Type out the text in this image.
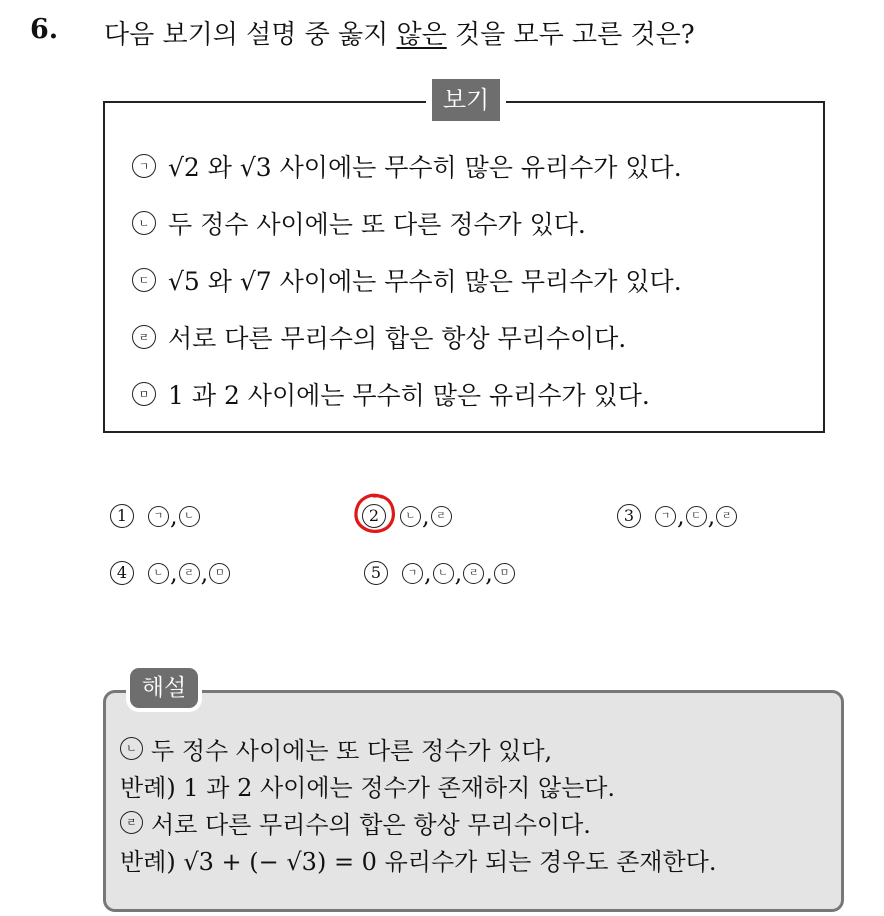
6. 다음 보기의 설명 중 옳지 않은 것을 모두 고른 것은?
보기
ㄱ √2 와 √3 사이에는 무수히 많은 유리수가 있다.
ㄴ 두 정수 사이에는 또 다른 정수가 있다.
ㄷ √5 와 √7 사이에는 무수히 많은 무리수가 있다.
ㄹ 서로 다른 무리수의 합은 항상 무리수이다.
ㅁ 1 과 2 사이에는 무수히 많은 유리수가 있다.
1	ㄱ , ㄴ	2	ㄴ , ㄹ	3	ㄱ , ㄷ , ㄹ
4	ㄴ , ㄹ , ㅁ	5	ㄱ , ㄴ , ㄹ , ㅁ
해설
ㄴ 두 정수 사이에는 또 다른 정수가 있다,
반례) 1 과 2 사이에는 정수가 존재하지 않는다.
ㄹ 서로 다른 무리수의 합은 항상 무리수이다.
반례) √3 + (− √3) = 0 유리수가 되는 경우도 존재한다.
